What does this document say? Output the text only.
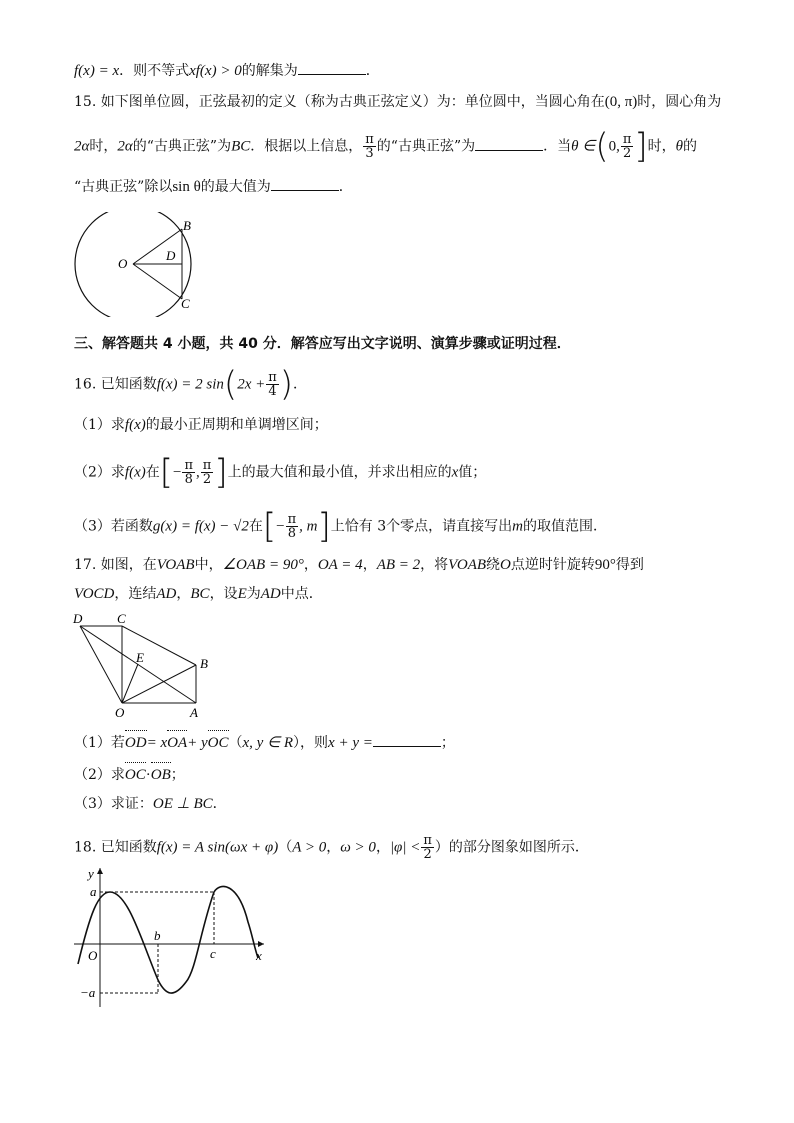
f(x) = x．则不等式xf(x) > 0的解集为	．
15. 如下图单位圆，正弦最初的定义（称为古典正弦定义）为：单位圆中，当圆心角在(0, π)时，圆心角为
2α时，2α的“古典正弦”为BC．根据以上信息， $\frac{\pi}{3}$ 的“古典正弦”为	．当θ ∈(0, $\frac{\pi}{2}$ ]时，θ的
“古典正弦”除以sin θ的最大值为	．
B
D
O
C
三、解答题共 4 小题，共 40 分．解答应写出文字说明、演算步骤或证明过程．
16. 已知函数f(x) = 2 $\sin(2x + \frac{\pi}{4}$ )．
（1）求f(x)的最小正周期和单调增区间；
（2）求f(x)在[− $\frac{\pi}{8}$ , $\frac{\pi}{2}$ ]上的最大值和最小值，并求出相应的x值；
（3）若函数g(x) = f(x) − √2在[− $\frac{\pi}{8}$ , m]上恰有 3个零点，请直接写出m的取值范围．
17. 如图，在VOAB中，∠OAB = 90°，OA = 4，AB = 2，将VOAB绕O点逆时针旋转90°得到
VOCD，连结AD，BC，设E为AD中点．
D	C
E	B
O	A
（1）若OD= xOA+ yOC（x, y ∈ R），则x + y =	；
（2）求OC·OB；
（3）求证：OE ⊥ BC．
18. 已知函数f(x) = A sin(ωx + φ)（A > 0，ω > 0，$|\varphi| < \frac{\pi}{2}$ ）的部分图象如图所示．
y
a
b
O	c	x
−a
